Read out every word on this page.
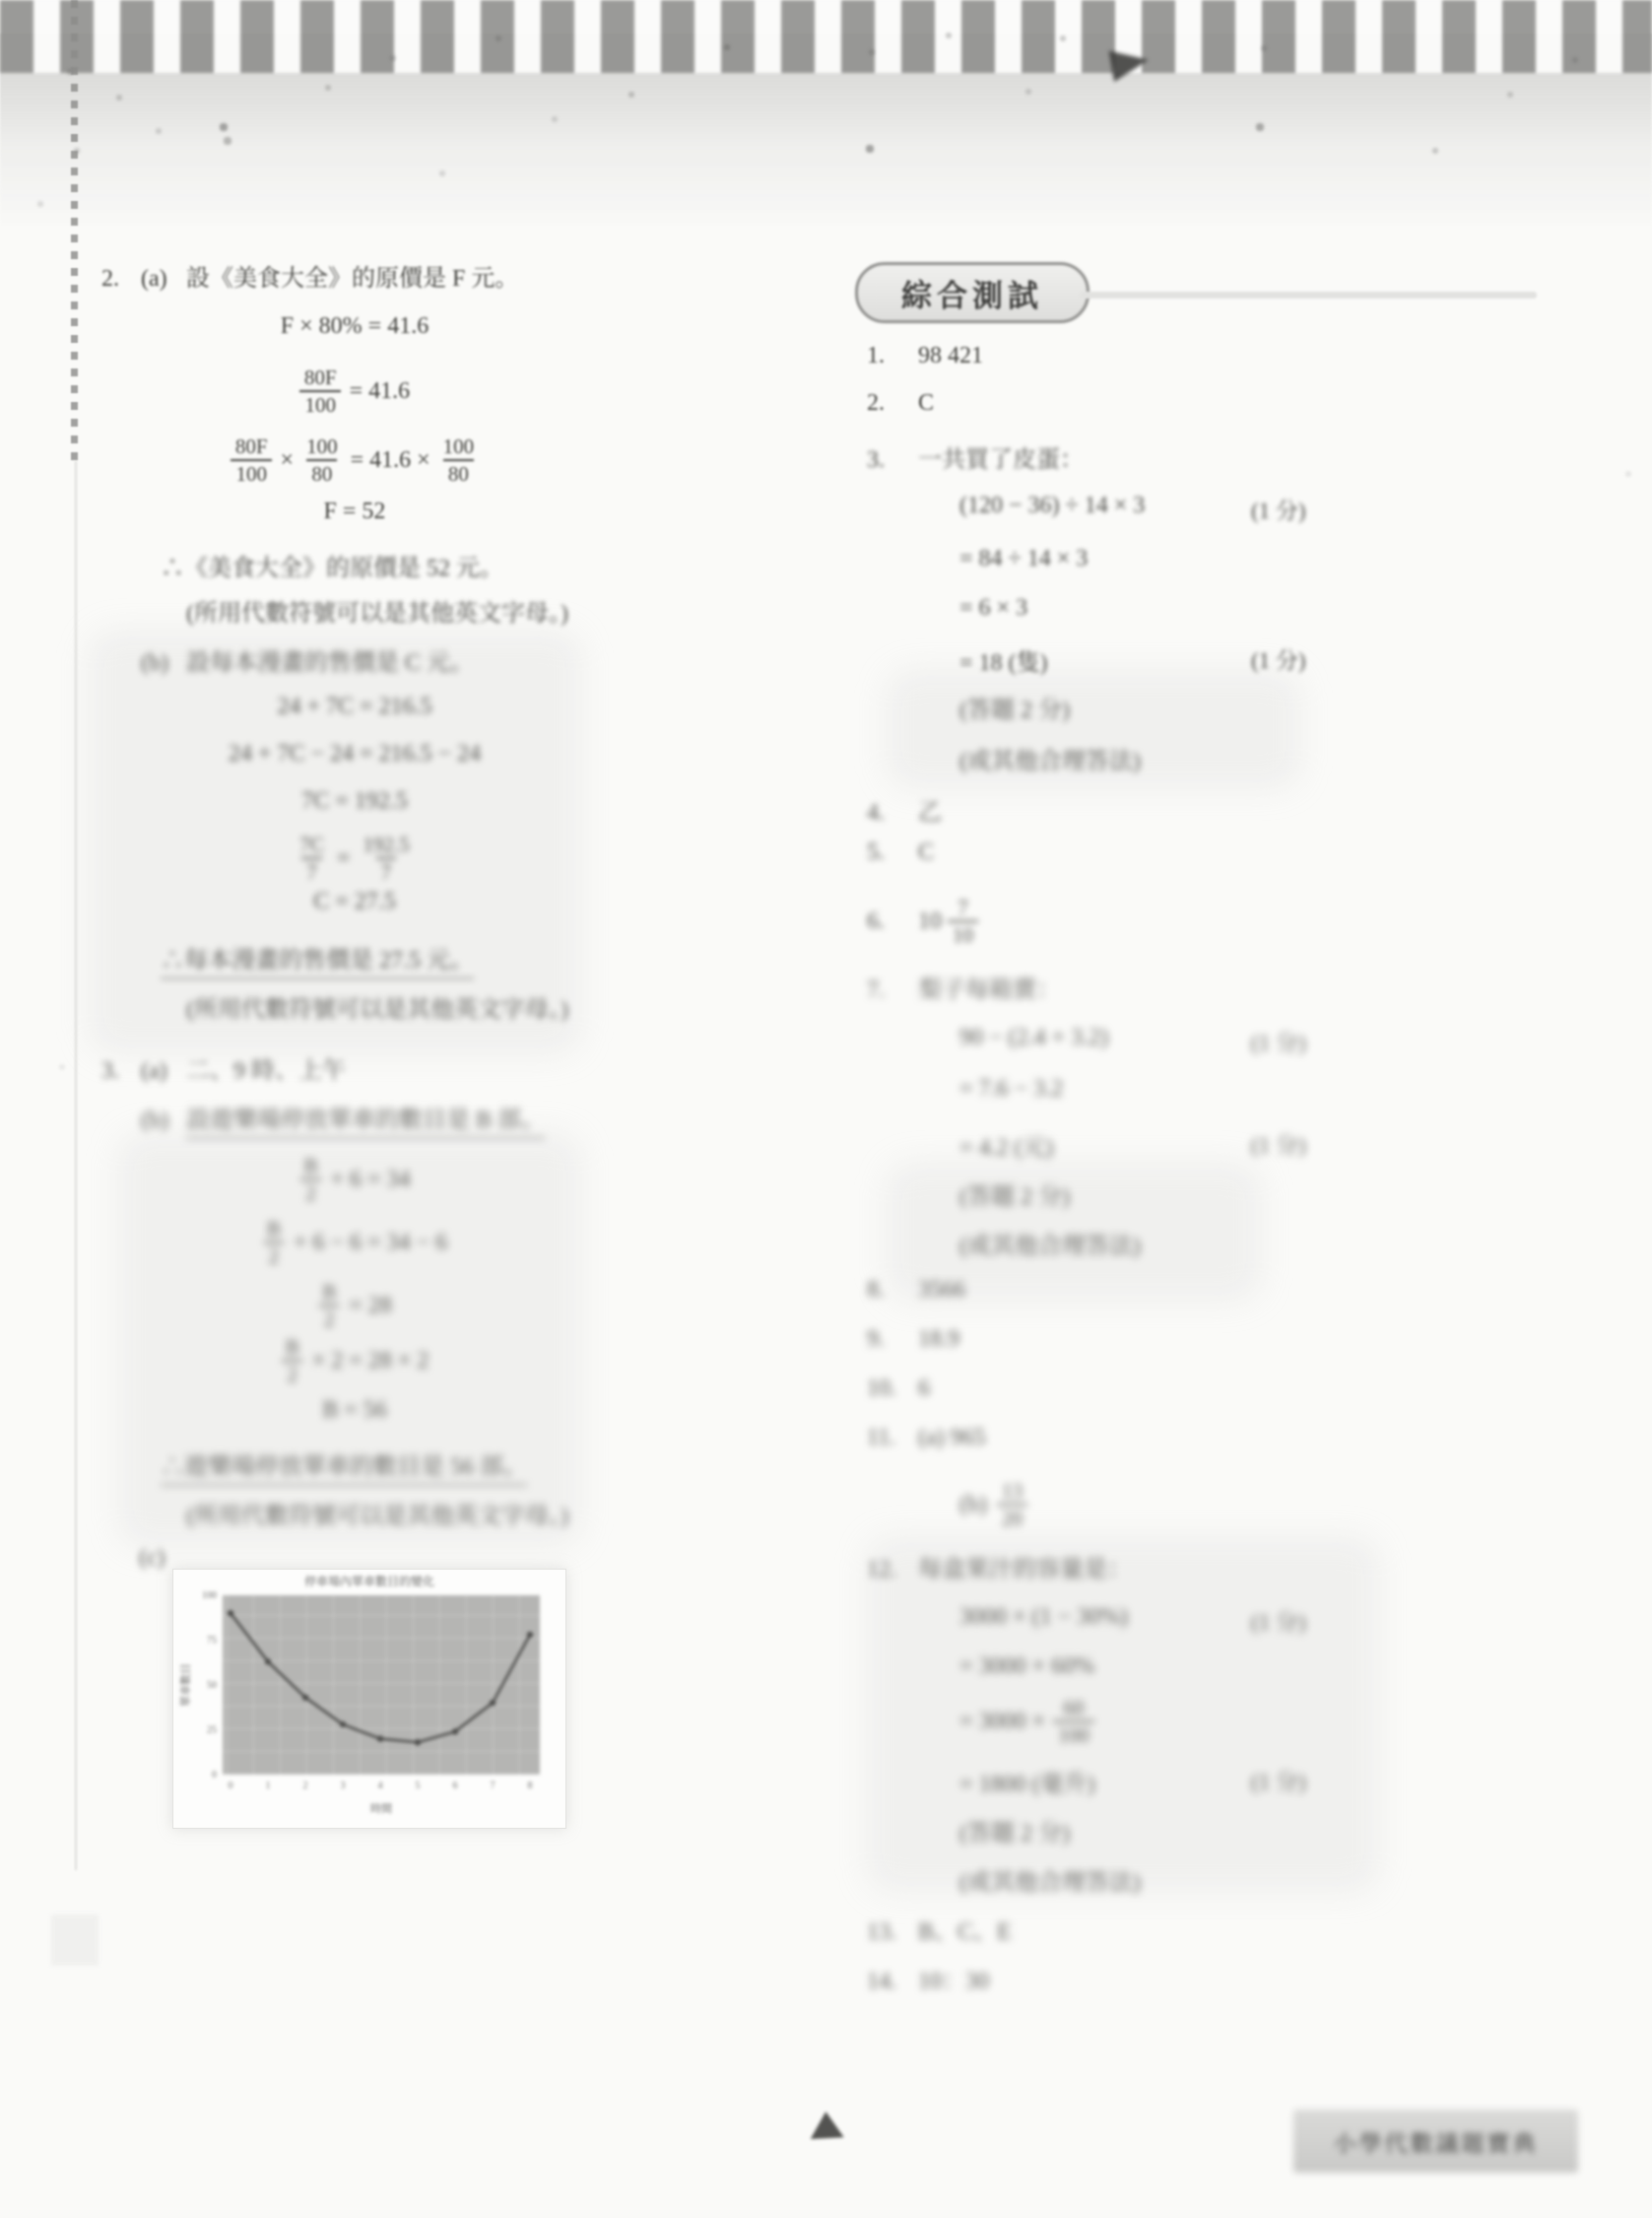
2. (a) 設《美食大全》的原價是 F 元。
F × 80% = 41.6
$\frac{80F}{100} = 41.6$
$\frac{80F}{100} \times \frac{100}{80} = 41.6 \times \frac{100}{80}$
F = 52
∴《美食大全》的原價是 52 元。
(所用代數符號可以是其他英文字母。)
(b) 設每本漫畫的售價是 C 元。
24 + 7C = 216.5
24 + 7C − 24 = 216.5 − 24
7C = 192.5
$\frac{7C}{7} = \frac{192.5}{7}$
C = 27.5
∴每本漫畫的售價是 27.5 元。
(所用代數符號可以是其他英文字母。)
3. (a) 二、9 時、上午
(b) 設遊樂場停放單車的數目是 B 部。
$\frac{B}{2} + 6 = 34$
$\frac{B}{2} + 6 - 6 = 34 - 6$
$\frac{B}{2} = 28$
$\frac{B}{2} \times 2 = 28 \times 2$
B = 56
∴遊樂場停放單車的數目是 56 部。
(所用代數符號可以是其他英文字母。)
(c)
停車場內單車數目的變化
0	1	2	3	4	5	6	7	8
0
25
50
75
100
時間
單車數目
綜合測試
1. 98 421
2. C
3. 一共買了皮蛋：
(120 − 36) ÷ 14 × 3	(1 分)
= 84 ÷ 14 × 3
= 6 × 3
= 18 (隻)	(1 分)
(答題 2 分)
(或其他合理答法)
4. 乙
5. C
6. $10 \frac{7}{10}$
7. 梨子每箱賣：
90 − (2.4 + 3.2)	(1 分)
= 7.6 − 3.2
= 4.2 (元)	(1 分)
(答題 2 分)
(或其他合理答法)
8. 3566
9. 18.9
10. 6
11. (a) 965
$(b) \frac{13}{20}$
12. 每盒果汁的容量是：
3000 × (1 − 30%)	(1 分)
= 3000 × 60%
= $3000 \times \frac{60}{100}$
= 1800 (毫升)	(1 分)
(答題 2 分)
(或其他合理答法)
13. B、C、E
14. 10：30
小學代數議題寶典
